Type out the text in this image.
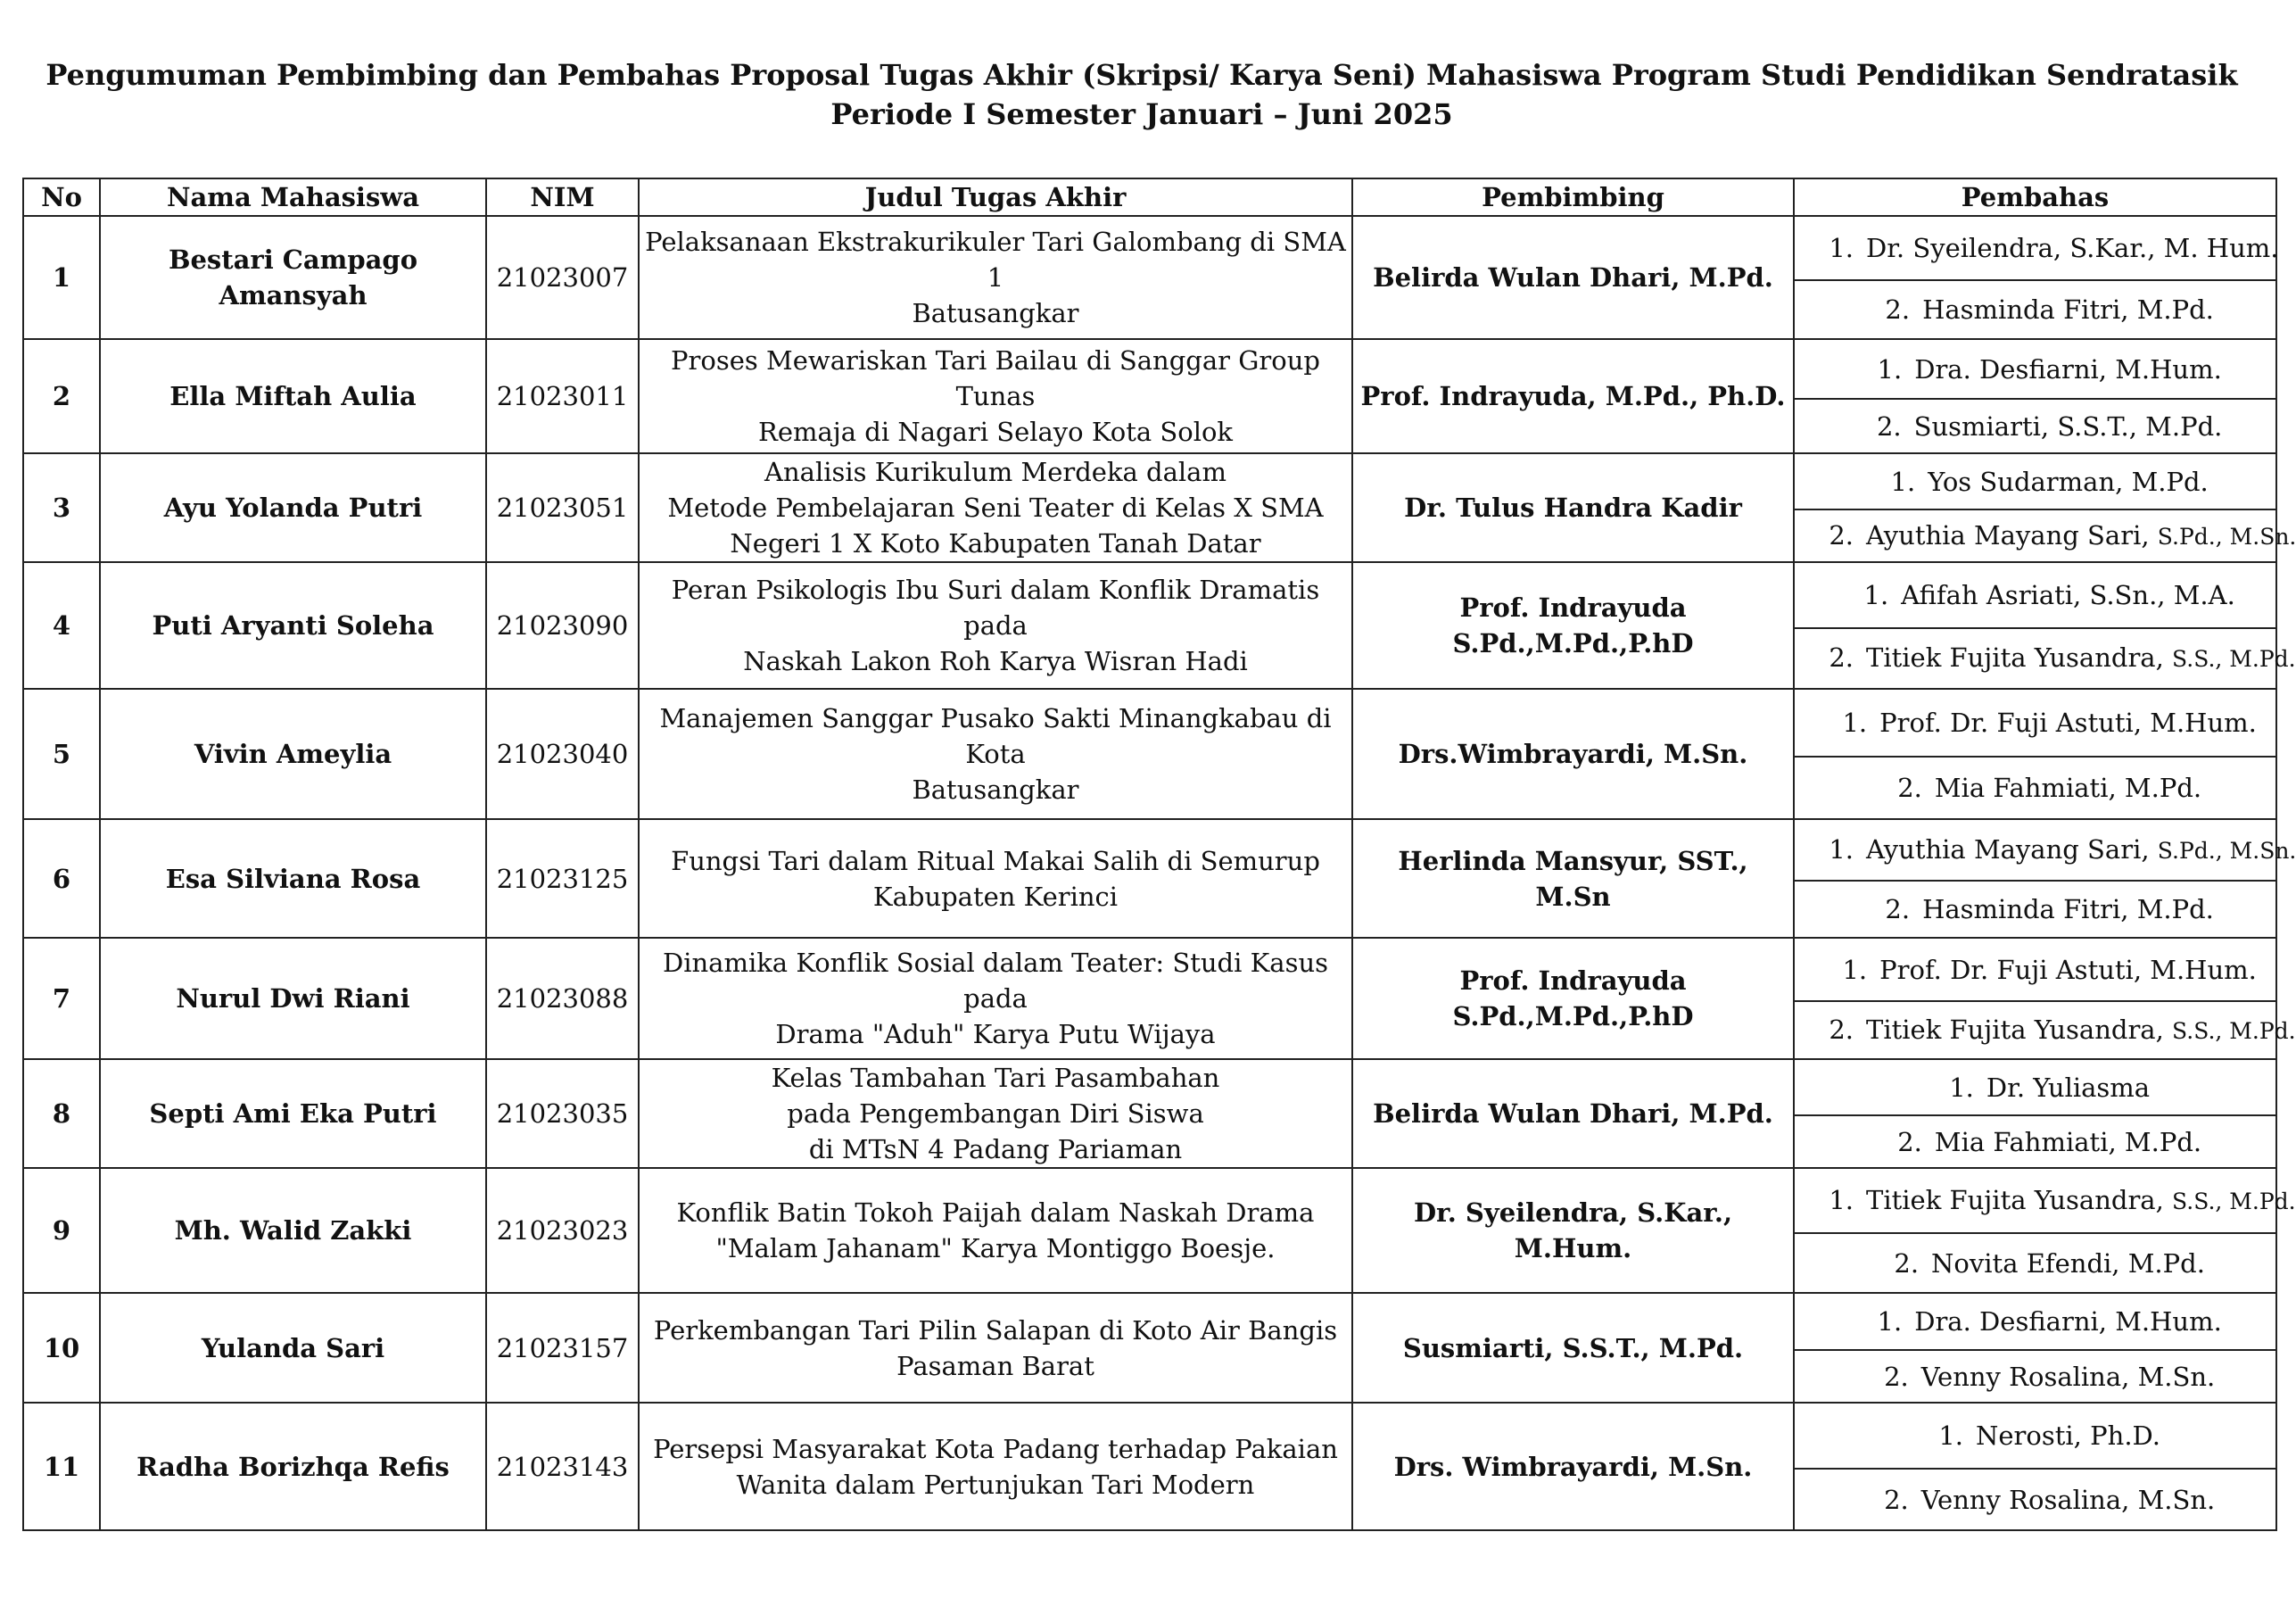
Pengumuman Pembimbing dan Pembahas Proposal Tugas Akhir (Skripsi/ Karya Seni) Mahasiswa Program Studi Pendidikan Sendratasik
Periode I Semester Januari – Juni 2025
No	Nama Mahasiswa	NIM	Judul Tugas Akhir	Pembimbing	Pembahas
1	Bestari Campago Amansyah	21023007	Pelaksanaan Ekstrakurikuler Tari Galombang di SMA 1
Batusangkar	Belirda Wulan Dhari, M.Pd.	1. Dr. Syeilendra, S.Kar., M. Hum.
					2. Hasminda Fitri, M.Pd.
2	Ella Miftah Aulia	21023011	Proses Mewariskan Tari Bailau di Sanggar Group Tunas
Remaja di Nagari Selayo Kota Solok	Prof. Indrayuda, M.Pd., Ph.D.	1. Dra. Desfiarni, M.Hum.
					2. Susmiarti, S.S.T., M.Pd.
3	Ayu Yolanda Putri	21023051	Analisis Kurikulum Merdeka dalam
Metode Pembelajaran Seni Teater di Kelas X SMA
Negeri 1 X Koto Kabupaten Tanah Datar	Dr. Tulus Handra Kadir	1. Yos Sudarman, M.Pd.
					2. Ayuthia Mayang Sari, S.Pd., M.Sn.
4	Puti Aryanti Soleha	21023090	Peran Psikologis Ibu Suri dalam Konflik Dramatis pada
Naskah Lakon Roh Karya Wisran Hadi	Prof. Indrayuda S.Pd.,M.Pd.,P.hD	1. Afifah Asriati, S.Sn., M.A.
					2. Titiek Fujita Yusandra, S.S., M.Pd.
5	Vivin Ameylia	21023040	Manajemen Sanggar Pusako Sakti Minangkabau di Kota
Batusangkar	Drs.Wimbrayardi, M.Sn.	1. Prof. Dr. Fuji Astuti, M.Hum.
					2. Mia Fahmiati, M.Pd.
6	Esa Silviana Rosa	21023125	Fungsi Tari dalam Ritual Makai Salih di Semurup
Kabupaten Kerinci	Herlinda Mansyur, SST., M.Sn	1. Ayuthia Mayang Sari, S.Pd., M.Sn.
					2. Hasminda Fitri, M.Pd.
7	Nurul Dwi Riani	21023088	Dinamika Konflik Sosial dalam Teater: Studi Kasus pada
Drama "Aduh" Karya Putu Wijaya	Prof. Indrayuda S.Pd.,M.Pd.,P.hD	1. Prof. Dr. Fuji Astuti, M.Hum.
					2. Titiek Fujita Yusandra, S.S., M.Pd.
8	Septi Ami Eka Putri	21023035	Kelas Tambahan Tari Pasambahan
pada Pengembangan Diri Siswa
di MTsN 4 Padang Pariaman	Belirda Wulan Dhari, M.Pd.	1. Dr. Yuliasma
					2. Mia Fahmiati, M.Pd.
9	Mh. Walid Zakki	21023023	Konflik Batin Tokoh Paijah dalam Naskah Drama
"Malam Jahanam" Karya Montiggo Boesje.	Dr. Syeilendra, S.Kar., M.Hum.	1. Titiek Fujita Yusandra, S.S., M.Pd.
					2. Novita Efendi, M.Pd.
10	Yulanda Sari	21023157	Perkembangan Tari Pilin Salapan di Koto Air Bangis
Pasaman Barat	Susmiarti, S.S.T., M.Pd.	1. Dra. Desfiarni, M.Hum.
					2. Venny Rosalina, M.Sn.
11	Radha Borizhqa Refis	21023143	Persepsi Masyarakat Kota Padang terhadap Pakaian
Wanita dalam Pertunjukan Tari Modern	Drs. Wimbrayardi, M.Sn.	1. Nerosti, Ph.D.
					2. Venny Rosalina, M.Sn.
